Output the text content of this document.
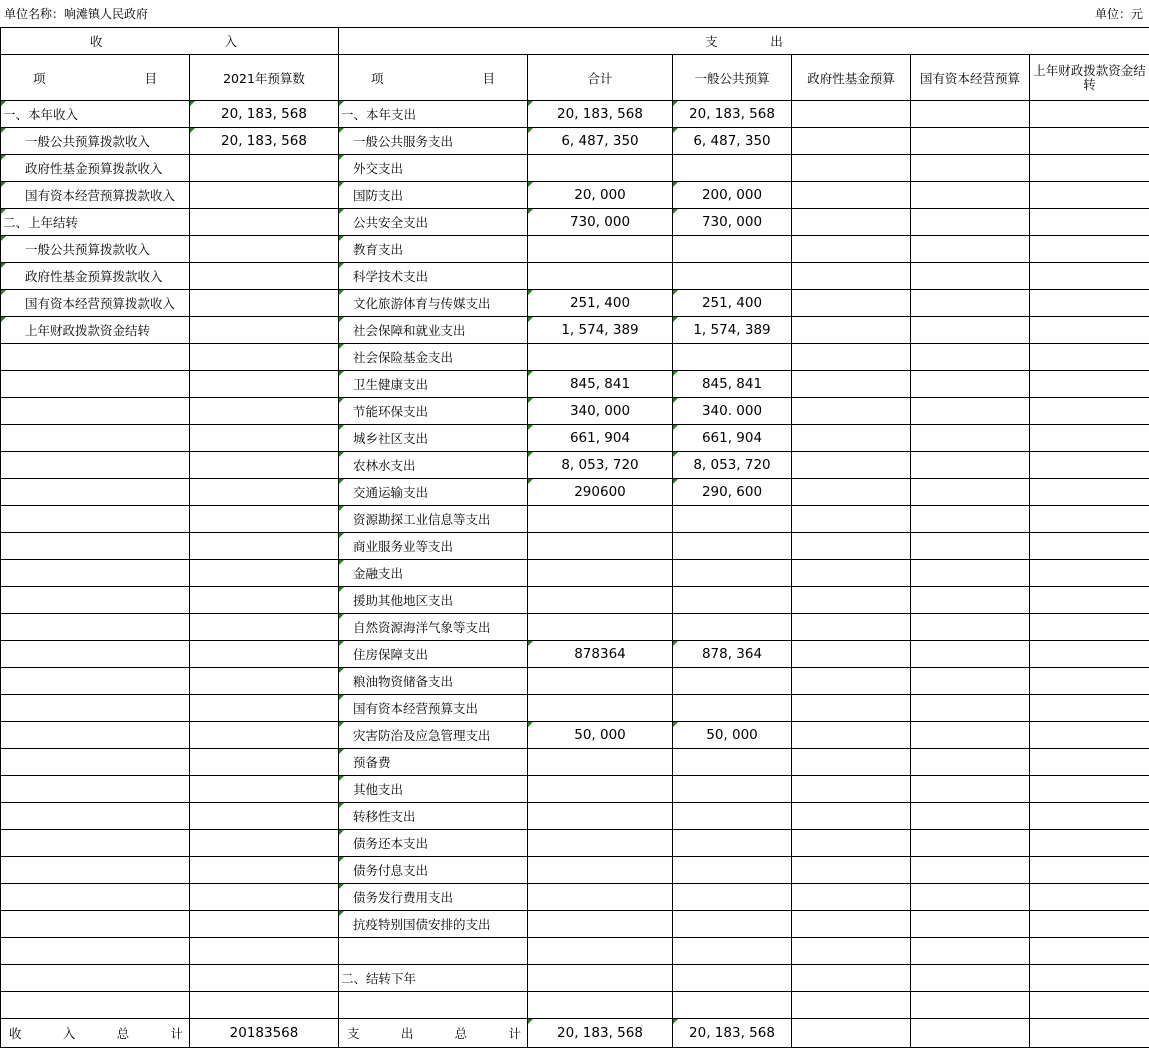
单位名称：响滩镇人民政府	单位：元
收 入		支 出					

项 目	2021年预算数	项 目	合计	一般公共预算	政府性基金预算	国有资本经营预算	上年财政拨款资金结转
一、本年收入	20, 183, 568	一、本年支出	20, 183, 568	20, 183, 568			
一般公共预算拨款收入	20, 183, 568	一般公共服务支出	6, 487, 350	6, 487, 350			
政府性基金预算拨款收入		外交支出					
国有资本经营预算拨款收入		国防支出	20, 000	200, 000			
二、上年结转		公共安全支出	730, 000	730, 000			
一般公共预算拨款收入		教育支出					
政府性基金预算拨款收入		科学技术支出					
国有资本经营预算拨款收入		文化旅游体育与传媒支出	251, 400	251, 400			
上年财政拨款资金结转		社会保障和就业支出	1, 574, 389	1, 574, 389			
		社会保险基金支出					
		卫生健康支出	845, 841	845, 841			
		节能环保支出	340, 000	340. 000			
		城乡社区支出	661, 904	661, 904			
		农林水支出	8, 053, 720	8, 053, 720			
		交通运输支出	290600	290, 600			
		资源勘探工业信息等支出					
		商业服务业等支出					
		金融支出					
		援助其他地区支出					
		自然资源海洋气象等支出					
		住房保障支出	878364	878, 364			
		粮油物资储备支出					
		国有资本经营预算支出					
		灾害防治及应急管理支出	50, 000	50, 000			
		预备费					
		其他支出					
		转移性支出					
		债务还本支出					
		债务付息支出					
		债务发行费用支出					
		抗疫特别国债安排的支出					

		二、结转下年					

收 入 总 计	20183568	支 出 总 计	20, 183, 568	20, 183, 568			
